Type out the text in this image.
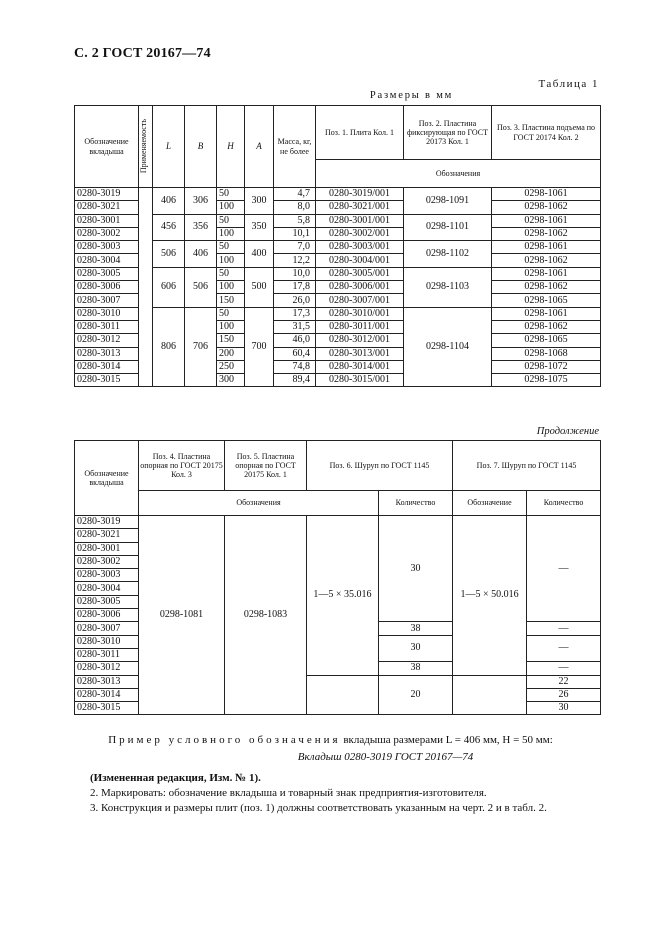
С. 2 ГОСТ 20167—74
Таблица 1
Размеры в мм
Обозначение вкладыша	Применяемость	L	B	H	A	Масса, кг, не более	Поз. 1. Плита Кол. 1	Поз. 2. Пластина фиксирующая по ГОСТ 20173 Кол. 1	Поз. 3. Пластина подъема по ГОСТ 20174 Кол. 2
							Обозначения		
0280-3019		406	306	50	300	4,7	0280-3019/001	0298-1091	0298-1061
0280-3021				100		8,0	0280-3021/001		0298-1062
0280-3001		456	356	50	350	5,8	0280-3001/001	0298-1101	0298-1061
0280-3002				100		10,1	0280-3002/001		0298-1062
0280-3003		506	406	50	400	7,0	0280-3003/001	0298-1102	0298-1061
0280-3004				100		12,2	0280-3004/001		0298-1062
0280-3005		606	506	50	500	10,0	0280-3005/001	0298-1103	0298-1061
0280-3006				100		17,8	0280-3006/001		0298-1062
0280-3007				150		26,0	0280-3007/001		0298-1065
0280-3010		806	706	50	700	17,3	0280-3010/001	0298-1104	0298-1061
0280-3011				100		31,5	0280-3011/001		0298-1062
0280-3012				150		46,0	0280-3012/001		0298-1065
0280-3013				200		60,4	0280-3013/001		0298-1068
0280-3014				250		74,8	0280-3014/001		0298-1072
0280-3015				300		89,4	0280-3015/001		0298-1075
Продолжение
Обозначение вкладыша	Поз. 4. Пластина опорная по ГОСТ 20175 Кол. 3	Поз. 5. Пластина опорная по ГОСТ 20175 Кол. 1	Поз. 6. Шуруп по ГОСТ 1145		Поз. 7. Шуруп по ГОСТ 1145	
	Обозначения			Количество	Обозначение	Количество
0280-3019	0298-1081	0298-1083	1—5 × 35.016	30	1—5 × 50.016	—
0280-3021						
0280-3001						
0280-3002						
0280-3003						
0280-3004						
0280-3005						
0280-3006						
0280-3007				38		—
0280-3010				30		—
0280-3011						
0280-3012				38		—
0280-3013				20		22
0280-3014						26
0280-3015						30
Пример условного обозначения вкладыша размерами L = 406 мм, H = 50 мм:
Вкладыш 0280-3019 ГОСТ 20167—74
(Измененная редакция, Изм. № 1).
2. Маркировать: обозначение вкладыша и товарный знак предприятия-изготовителя.
3. Конструкция и размеры плит (поз. 1) должны соответствовать указанным на черт. 2 и в табл. 2.
